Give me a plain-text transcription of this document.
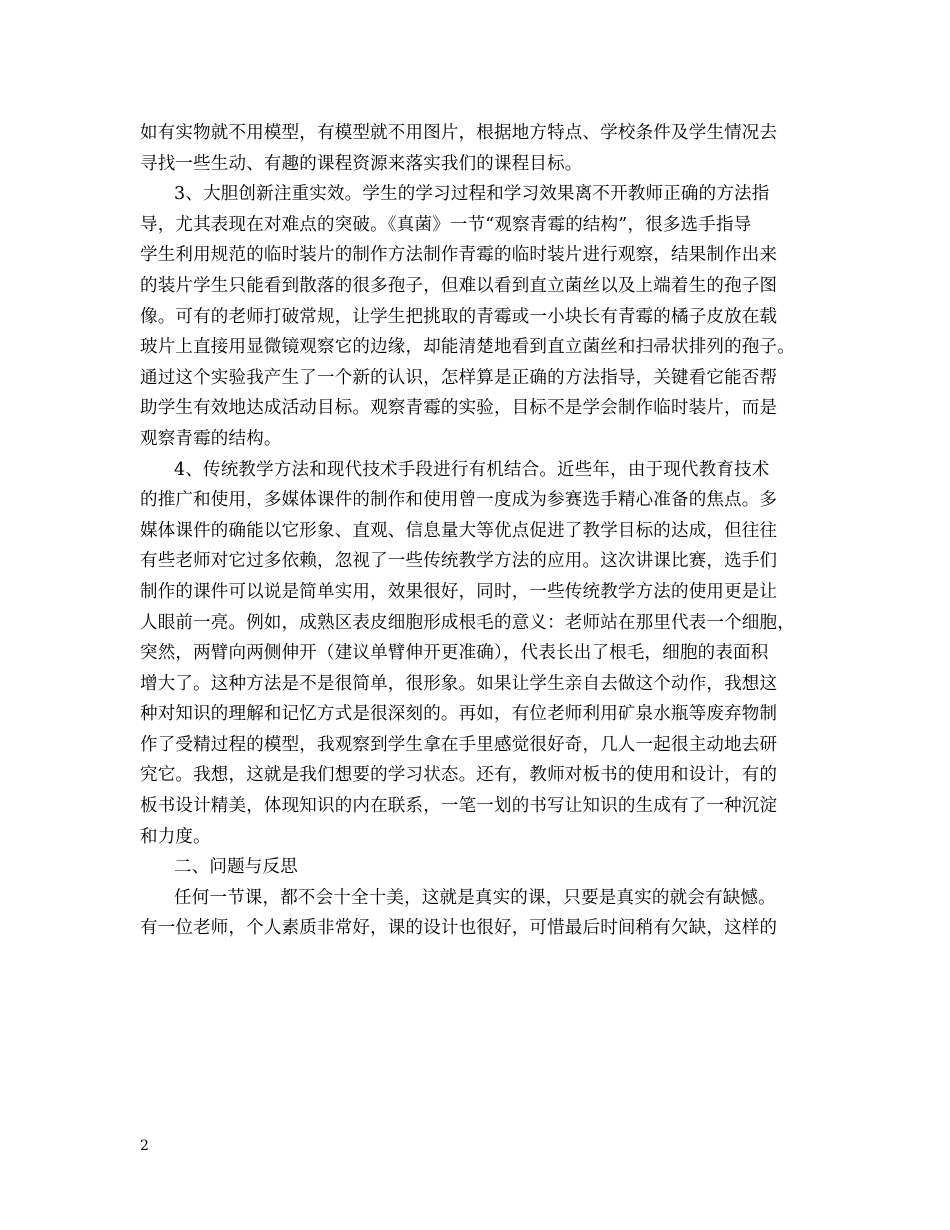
如有实物就不用模型，有模型就不用图片，根据地方特点、学校条件及学生情况去
寻找一些生动、有趣的课程资源来落实我们的课程目标。
3、大胆创新注重实效。学生的学习过程和学习效果离不开教师正确的方法指
导，尤其表现在对难点的突破。《真菌》一节“观察青霉的结构”，很多选手指导
学生利用规范的临时装片的制作方法制作青霉的临时装片进行观察，结果制作出来
的装片学生只能看到散落的很多孢子，但难以看到直立菌丝以及上端着生的孢子图
像。可有的老师打破常规，让学生把挑取的青霉或一小块长有青霉的橘子皮放在载
玻片上直接用显微镜观察它的边缘，却能清楚地看到直立菌丝和扫帚状排列的孢子。
通过这个实验我产生了一个新的认识，怎样算是正确的方法指导，关键看它能否帮
助学生有效地达成活动目标。观察青霉的实验，目标不是学会制作临时装片，而是
观察青霉的结构。
4、传统教学方法和现代技术手段进行有机结合。近些年，由于现代教育技术
的推广和使用，多媒体课件的制作和使用曾一度成为参赛选手精心准备的焦点。多
媒体课件的确能以它形象、直观、信息量大等优点促进了教学目标的达成，但往往
有些老师对它过多依赖，忽视了一些传统教学方法的应用。这次讲课比赛，选手们
制作的课件可以说是简单实用，效果很好，同时，一些传统教学方法的使用更是让
人眼前一亮。例如，成熟区表皮细胞形成根毛的意义：老师站在那里代表一个细胞，
突然，两臂向两侧伸开（建议单臂伸开更准确），代表长出了根毛，细胞的表面积
增大了。这种方法是不是很简单，很形象。如果让学生亲自去做这个动作，我想这
种对知识的理解和记忆方式是很深刻的。再如，有位老师利用矿泉水瓶等废弃物制
作了受精过程的模型，我观察到学生拿在手里感觉很好奇，几人一起很主动地去研
究它。我想，这就是我们想要的学习状态。还有，教师对板书的使用和设计，有的
板书设计精美，体现知识的内在联系，一笔一划的书写让知识的生成有了一种沉淀
和力度。
二、问题与反思
任何一节课，都不会十全十美，这就是真实的课，只要是真实的就会有缺憾。
有一位老师，个人素质非常好，课的设计也很好，可惜最后时间稍有欠缺，这样的
2
